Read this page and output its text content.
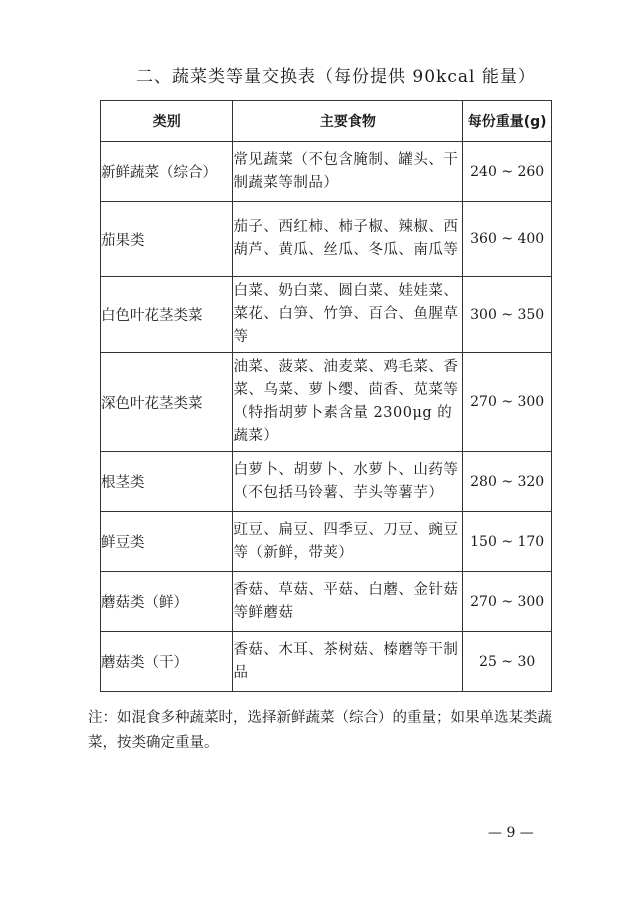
二、蔬菜类等量交换表（每份提供 90kcal 能量）
类别	主要食物	每份重量(g)
新鲜蔬菜（综合）	常见蔬菜（不包含腌制、罐头、干制蔬菜等制品）	240 ~ 260
茄果类	茄子、西红柿、柿子椒、辣椒、西葫芦、黄瓜、丝瓜、冬瓜、南瓜等	360 ~ 400
白色叶花茎类菜	白菜、奶白菜、圆白菜、娃娃菜、菜花、白笋、竹笋、百合、鱼腥草等	300 ~ 350
深色叶花茎类菜	油菜、菠菜、油麦菜、鸡毛菜、香菜、乌菜、萝卜缨、茴香、苋菜等（特指胡萝卜素含量 2300μg 的蔬菜）	270 ~ 300
根茎类	白萝卜、胡萝卜、水萝卜、山药等（不包括马铃薯、芋头等薯芋）	280 ~ 320
鲜豆类	豇豆、扁豆、四季豆、刀豆、豌豆等（新鲜，带荚）	150 ~ 170
蘑菇类（鲜）	香菇、草菇、平菇、白蘑、金针菇等鲜蘑菇	270 ~ 300
蘑菇类（干）	香菇、木耳、茶树菇、榛蘑等干制品	25 ~ 30
注：如混食多种蔬菜时，选择新鲜蔬菜（综合）的重量；如果单选某类蔬菜，按类确定重量。
— 9 —
